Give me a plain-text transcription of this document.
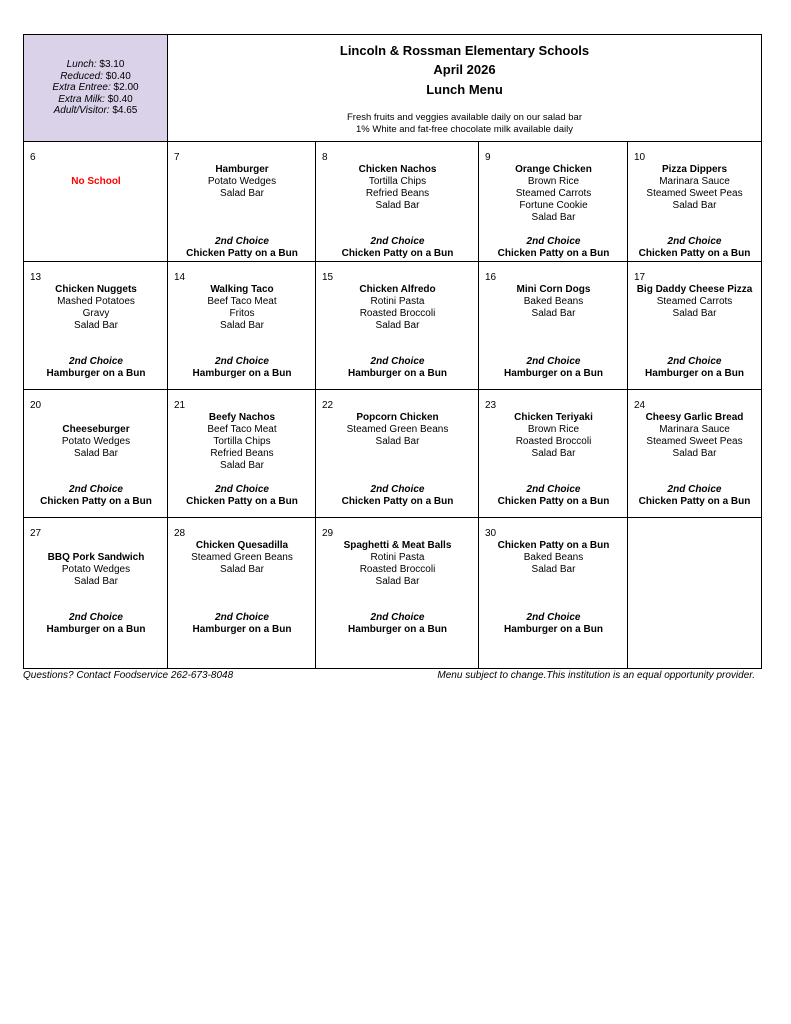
Lunch: $3.10
Reduced: $0.40
Extra Entree: $2.00
Extra Milk: $0.40
Adult/Visitor: $4.65
Lincoln & Rossman Elementary Schools
April 2026
Lunch Menu
Fresh fruits and veggies available daily on our salad bar
1% White and fat-free chocolate milk available daily
6
No School
7
Hamburger
Potato Wedges
Salad Bar
2nd Choice
Chicken Patty on a Bun
8
Chicken Nachos
Tortilla Chips
Refried Beans
Salad Bar
2nd Choice
Chicken Patty on a Bun
9
Orange Chicken
Brown Rice
Steamed Carrots
Fortune Cookie
Salad Bar
2nd Choice
Chicken Patty on a Bun
10
Pizza Dippers
Marinara Sauce
Steamed Sweet Peas
Salad Bar
2nd Choice
Chicken Patty on a Bun
13
Chicken Nuggets
Mashed Potatoes
Gravy
Salad Bar
2nd Choice
Hamburger on a Bun
14
Walking Taco
Beef Taco Meat
Fritos
Salad Bar
2nd Choice
Hamburger on a Bun
15
Chicken Alfredo
Rotini Pasta
Roasted Broccoli
Salad Bar
2nd Choice
Hamburger on a Bun
16
Mini Corn Dogs
Baked Beans
Salad Bar
2nd Choice
Hamburger on a Bun
17
Big Daddy Cheese Pizza
Steamed Carrots
Salad Bar
2nd Choice
Hamburger on a Bun
20
Cheeseburger
Potato Wedges
Salad Bar
2nd Choice
Chicken Patty on a Bun
21
Beefy Nachos
Beef Taco Meat
Tortilla Chips
Refried Beans
Salad Bar
2nd Choice
Chicken Patty on a Bun
22
Popcorn Chicken
Steamed Green Beans
Salad Bar
2nd Choice
Chicken Patty on a Bun
23
Chicken Teriyaki
Brown Rice
Roasted Broccoli
Salad Bar
2nd Choice
Chicken Patty on a Bun
24
Cheesy Garlic Bread
Marinara Sauce
Steamed Sweet Peas
Salad Bar
2nd Choice
Chicken Patty on a Bun
27
BBQ Pork Sandwich
Potato Wedges
Salad Bar
2nd Choice
Hamburger on a Bun
28
Chicken Quesadilla
Steamed Green Beans
Salad Bar
2nd Choice
Hamburger on a Bun
29
Spaghetti & Meat Balls
Rotini Pasta
Roasted Broccoli
Salad Bar
2nd Choice
Hamburger on a Bun
30
Chicken Patty on a Bun
Baked Beans
Salad Bar
2nd Choice
Hamburger on a Bun
Questions? Contact Foodservice 262-673-8048	Menu subject to change.This institution is an equal opportunity provider.
